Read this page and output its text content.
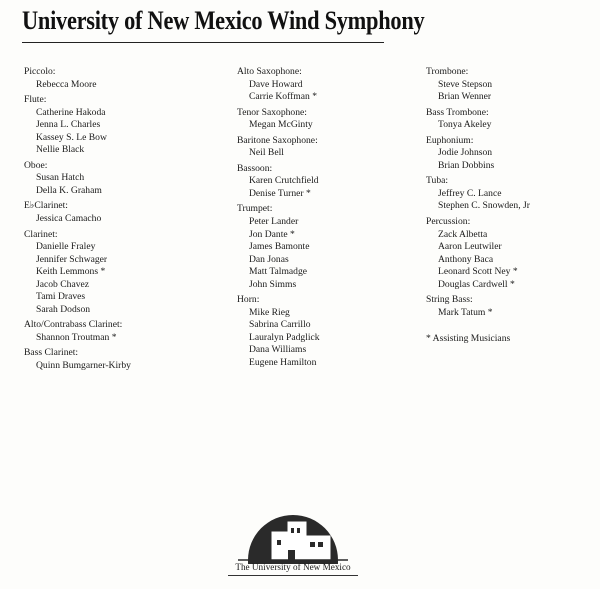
University of New Mexico Wind Symphony
Piccolo:
Rebecca Moore
Flute:
Catherine Hakoda
Jenna L. Charles
Kassey S. Le Bow
Nellie Black
Oboe:
Susan Hatch
Della K. Graham
E♭Clarinet:
Jessica Camacho
Clarinet:
Danielle Fraley
Jennifer Schwager
Keith Lemmons *
Jacob Chavez
Tami Draves
Sarah Dodson
Alto/Contrabass Clarinet:
Shannon Troutman *
Bass Clarinet:
Quinn Bumgarner-Kirby
Alto Saxophone:
Dave Howard
Carrie Koffman *
Tenor Saxophone:
Megan McGinty
Baritone Saxophone:
Neil Bell
Bassoon:
Karen Crutchfield
Denise Turner *
Trumpet:
Peter Lander
Jon Dante *
James Bamonte
Dan Jonas
Matt Talmadge
John Simms
Horn:
Mike Rieg
Sabrina Carrillo
Lauralyn Padglick
Dana Williams
Eugene Hamilton
Trombone:
Steve Stepson
Brian Wenner
Bass Trombone:
Tonya Akeley
Euphonium:
Jodie Johnson
Brian Dobbins
Tuba:
Jeffrey C. Lance
Stephen C. Snowden, Jr
Percussion:
Zack Albetta
Aaron Leutwiler
Anthony Baca
Leonard Scott Ney *
Douglas Cardwell *
String Bass:
Mark Tatum *
* Assisting Musicians
The University of New Mexico
